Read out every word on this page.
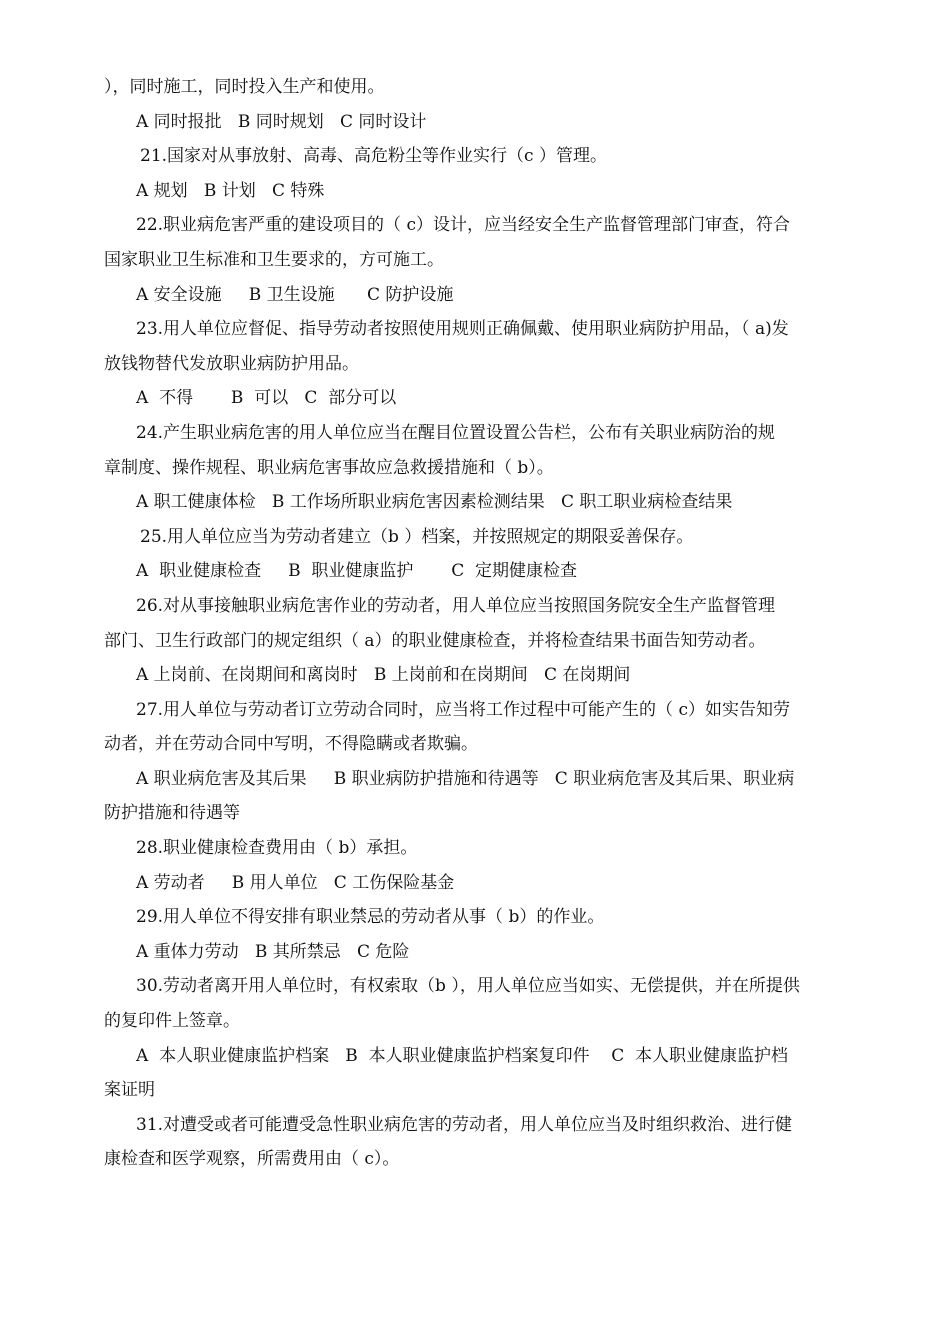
），同时施工，同时投入生产和使用。
A 同时报批   B 同时规划   C 同时设计
21.国家对从事放射、高毒、高危粉尘等作业实行（c ）管理。
A 规划   B 计划   C 特殊
22.职业病危害严重的建设项目的（ c）设计，应当经安全生产监督管理部门审查，符合
国家职业卫生标准和卫生要求的，方可施工。
A 安全设施     B 卫生设施      C 防护设施
23.用人单位应督促、指导劳动者按照使用规则正确佩戴、使用职业病防护用品，（ a)发
放钱物替代发放职业病防护用品。
A  不得       B  可以   C  部分可以
24.产生职业病危害的用人单位应当在醒目位置设置公告栏，公布有关职业病防治的规
章制度、操作规程、职业病危害事故应急救援措施和（ b）。
A 职工健康体检   B 工作场所职业病危害因素检测结果   C 职工职业病检查结果
25.用人单位应当为劳动者建立（b ）档案，并按照规定的期限妥善保存。
A  职业健康检查     B  职业健康监护       C  定期健康检查
26.对从事接触职业病危害作业的劳动者，用人单位应当按照国务院安全生产监督管理
部门、卫生行政部门的规定组织（ a）的职业健康检查，并将检查结果书面告知劳动者。
A 上岗前、在岗期间和离岗时   B 上岗前和在岗期间   C 在岗期间
27.用人单位与劳动者订立劳动合同时，应当将工作过程中可能产生的（ c）如实告知劳
动者，并在劳动合同中写明，不得隐瞒或者欺骗。
A 职业病危害及其后果     B 职业病防护措施和待遇等   C 职业病危害及其后果、职业病
防护措施和待遇等
28.职业健康检查费用由（ b）承担。
A 劳动者     B 用人单位   C 工伤保险基金
29.用人单位不得安排有职业禁忌的劳动者从事（ b）的作业。
A 重体力劳动   B 其所禁忌   C 危险
30.劳动者离开用人单位时，有权索取（b ），用人单位应当如实、无偿提供，并在所提供
的复印件上签章。
A  本人职业健康监护档案   B  本人职业健康监护档案复印件    C  本人职业健康监护档
案证明
31.对遭受或者可能遭受急性职业病危害的劳动者，用人单位应当及时组织救治、进行健
康检查和医学观察，所需费用由（ c）。
